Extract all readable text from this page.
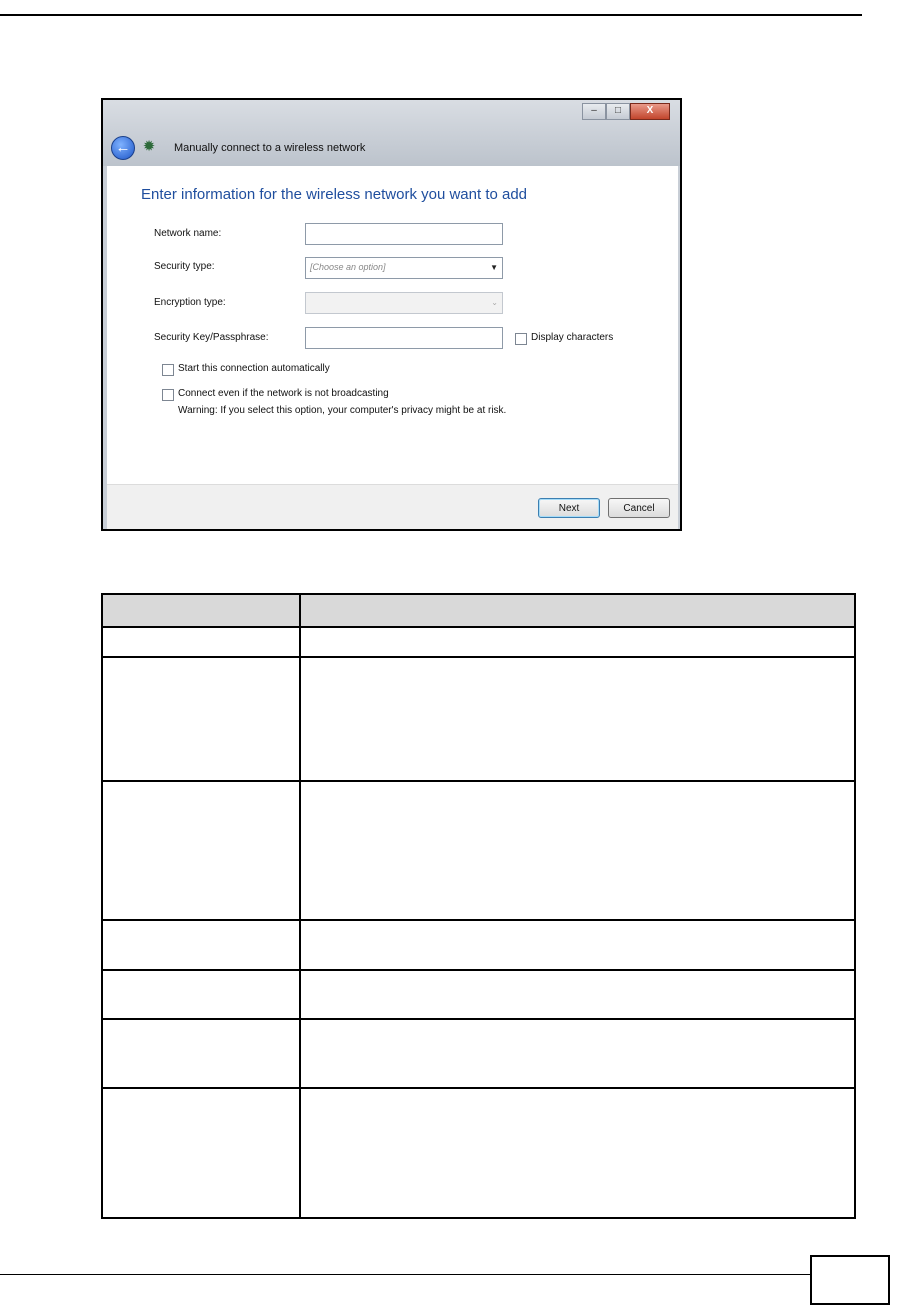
–	□	X
← ✹	Manually connect to a wireless network
Enter information for the wireless network you want to add
Network name:
Security type:	[Choose an option]	▼
Encryption type:	⌄
Security Key/Passphrase:	Display characters
Start this connection automatically
Connect even if the network is not broadcasting
Warning: If you select this option, your computer's privacy might be at risk.
Next	Cancel
